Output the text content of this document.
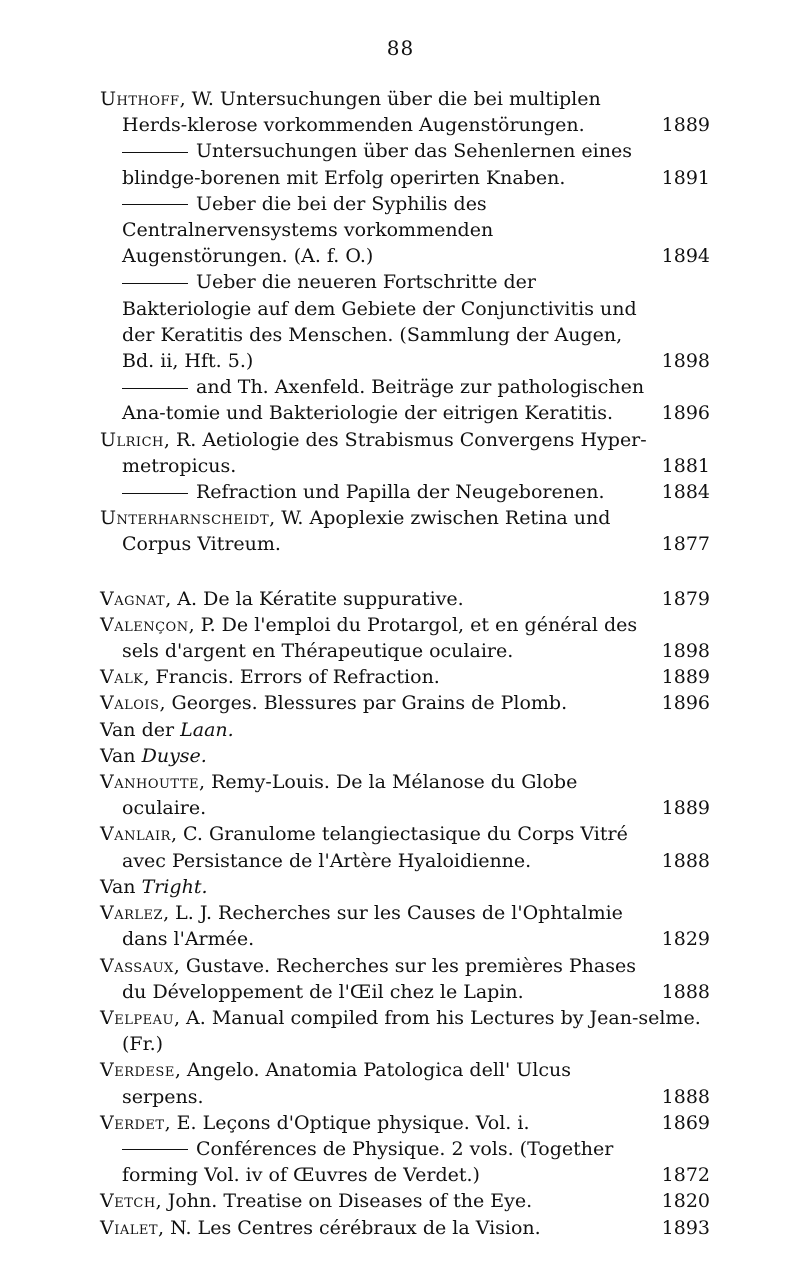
88
Uhthoff, W. Untersuchungen über die bei multiplen Herds-klerose vorkommenden Augenstörungen.	1889
Untersuchungen über das Sehenlernen eines blindge-borenen mit Erfolg operirten Knaben.	1891
Ueber die bei der Syphilis des Centralnervensystems vorkommenden Augenstörungen. (A. f. O.)	1894
Ueber die neueren Fortschritte der Bakteriologie auf dem Gebiete der Conjunctivitis und der Keratitis des Menschen. (Sammlung der Augen, Bd. ii, Hft. 5.)	1898
and Th. Axenfeld. Beiträge zur pathologischen Ana-tomie und Bakteriologie der eitrigen Keratitis.	1896
Ulrich, R. Aetiologie des Strabismus Convergens Hyper-metropicus.	1881
Refraction und Papilla der Neugeborenen.	1884
Unterharnscheidt, W. Apoplexie zwischen Retina und Corpus Vitreum.	1877
Vagnat, A. De la Kératite suppurative.	1879
Valençon, P. De l'emploi du Protargol, et en général des sels d'argent en Thérapeutique oculaire.	1898
Valk, Francis. Errors of Refraction.	1889
Valois, Georges. Blessures par Grains de Plomb.	1896
Van der Laan.
Van Duyse.
Vanhoutte, Remy-Louis. De la Mélanose du Globe oculaire.	1889
Vanlair, C. Granulome telangiectasique du Corps Vitré avec Persistance de l'Artère Hyaloidienne.	1888
Van Tright.
Varlez, L. J. Recherches sur les Causes de l'Ophtalmie dans l'Armée.	1829
Vassaux, Gustave. Recherches sur les premières Phases du Développement de l'Œil chez le Lapin.	1888
Velpeau, A. Manual compiled from his Lectures by Jean-selme. (Fr.)
Verdese, Angelo. Anatomia Patologica dell' Ulcus serpens.	1888
Verdet, E. Leçons d'Optique physique. Vol. i.	1869
Conférences de Physique. 2 vols. (Together forming Vol. iv of Œuvres de Verdet.)	1872
Vetch, John. Treatise on Diseases of the Eye.	1820
Vialet, N. Les Centres cérébraux de la Vision.	1893
